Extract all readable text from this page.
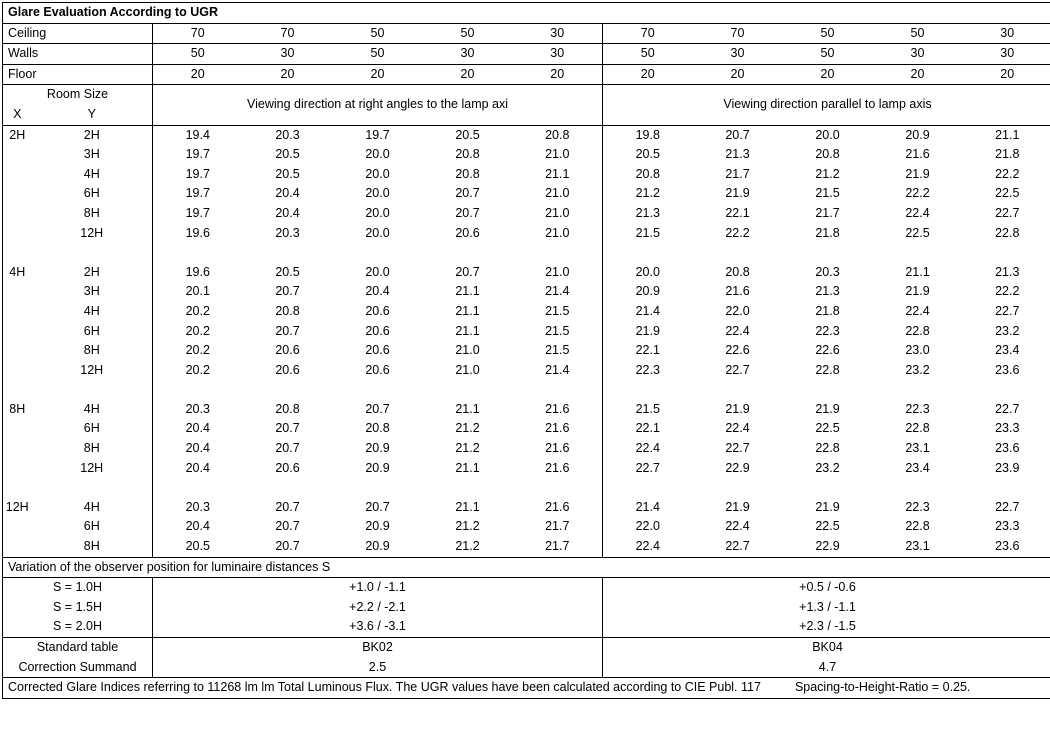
Glare Evaluation According to UGR											
Ceiling		70	70	50	50	30	70	70	50	50	30
Walls		50	30	50	30	30	50	30	50	30	30
Floor		20	20	20	20	20	20	20	20	20	20
Room Size		Viewing direction at right angles to the lamp axi					Viewing direction parallel to lamp axis				
X	Y										
2H	2H	19.4	20.3	19.7	20.5	20.8	19.8	20.7	20.0	20.9	21.1
	3H	19.7	20.5	20.0	20.8	21.0	20.5	21.3	20.8	21.6	21.8
	4H	19.7	20.5	20.0	20.8	21.1	20.8	21.7	21.2	21.9	22.2
	6H	19.7	20.4	20.0	20.7	21.0	21.2	21.9	21.5	22.2	22.5
	8H	19.7	20.4	20.0	20.7	21.0	21.3	22.1	21.7	22.4	22.7
	12H	19.6	20.3	20.0	20.6	21.0	21.5	22.2	21.8	22.5	22.8

4H	2H	19.6	20.5	20.0	20.7	21.0	20.0	20.8	20.3	21.1	21.3
	3H	20.1	20.7	20.4	21.1	21.4	20.9	21.6	21.3	21.9	22.2
	4H	20.2	20.8	20.6	21.1	21.5	21.4	22.0	21.8	22.4	22.7
	6H	20.2	20.7	20.6	21.1	21.5	21.9	22.4	22.3	22.8	23.2
	8H	20.2	20.6	20.6	21.0	21.5	22.1	22.6	22.6	23.0	23.4
	12H	20.2	20.6	20.6	21.0	21.4	22.3	22.7	22.8	23.2	23.6

8H	4H	20.3	20.8	20.7	21.1	21.6	21.5	21.9	21.9	22.3	22.7
	6H	20.4	20.7	20.8	21.2	21.6	22.1	22.4	22.5	22.8	23.3
	8H	20.4	20.7	20.9	21.2	21.6	22.4	22.7	22.8	23.1	23.6
	12H	20.4	20.6	20.9	21.1	21.6	22.7	22.9	23.2	23.4	23.9

12H	4H	20.3	20.7	20.7	21.1	21.6	21.4	21.9	21.9	22.3	22.7
	6H	20.4	20.7	20.9	21.2	21.7	22.0	22.4	22.5	22.8	23.3
	8H	20.5	20.7	20.9	21.2	21.7	22.4	22.7	22.9	23.1	23.6
Variation of the observer position for luminaire distances S											
S = 1.0H		+1.0 / -1.1					+0.5 / -0.6				
S = 1.5H		+2.2 / -2.1					+1.3 / -1.1				
S = 2.0H		+3.6 / -3.1					+2.3 / -1.5				
Standard table		BK02					BK04				
Correction Summand		2.5					4.7				
Corrected Glare Indices referring to 11268 lm lm Total Luminous Flux. The UGR values have been calculated according to CIE Publ. 117 Spacing-to-Height-Ratio = 0.25.											
